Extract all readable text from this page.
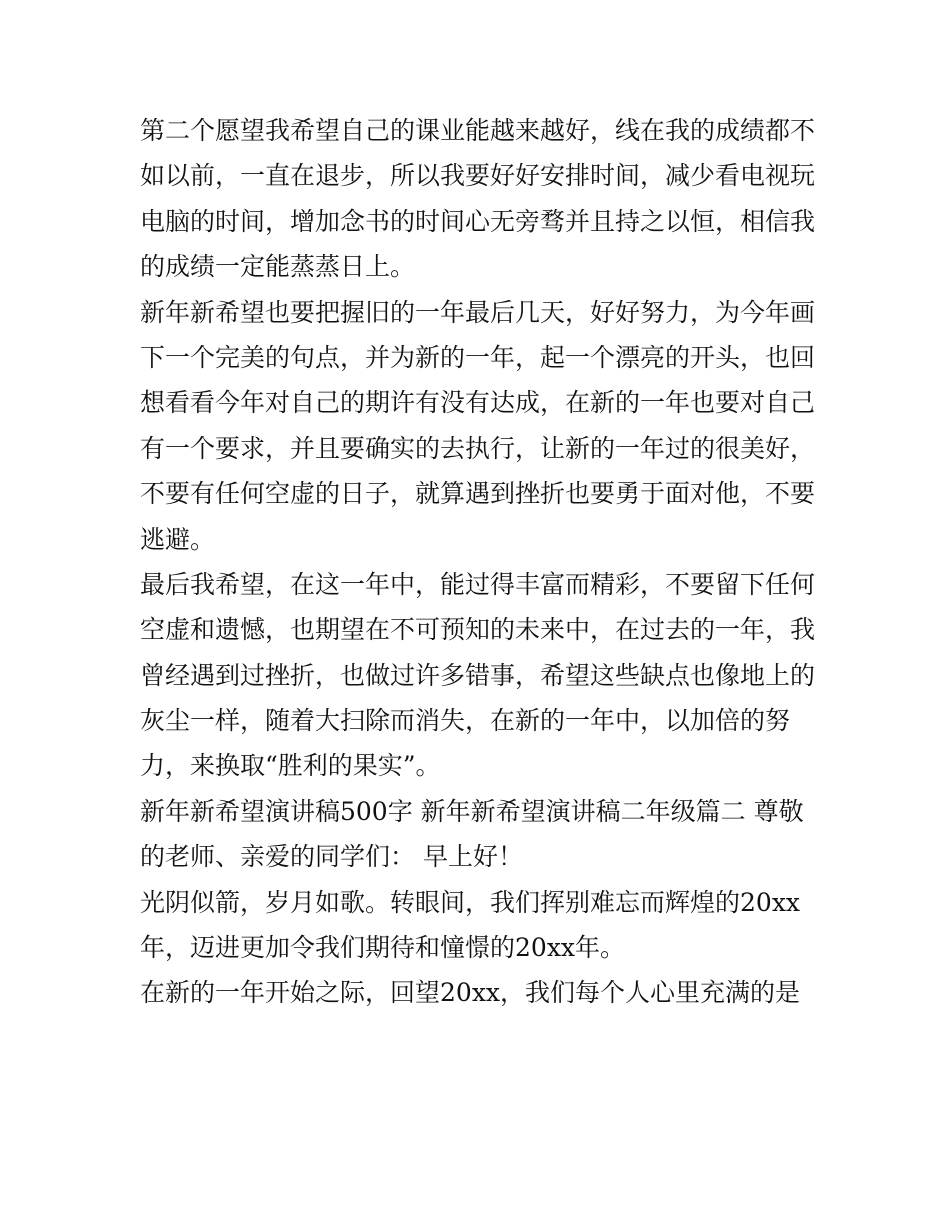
第二个愿望我希望自己的课业能越来越好，线在我的成绩都不
如以前，一直在退步，所以我要好好安排时间，减少看电视玩
电脑的时间，增加念书的时间心无旁骛并且持之以恒，相信我
的成绩一定能蒸蒸日上。
新年新希望也要把握旧的一年最后几天，好好努力，为今年画
下一个完美的句点，并为新的一年，起一个漂亮的开头，也回
想看看今年对自己的期许有没有达成，在新的一年也要对自己
有一个要求，并且要确实的去执行，让新的一年过的很美好，
不要有任何空虚的日子，就算遇到挫折也要勇于面对他，不要
逃避。
最后我希望，在这一年中，能过得丰富而精彩，不要留下任何
空虚和遗憾，也期望在不可预知的未来中，在过去的一年，我
曾经遇到过挫折，也做过许多错事，希望这些缺点也像地上的
灰尘一样，随着大扫除而消失，在新的一年中，以加倍的努
力，来换取“胜利的果实”。
新年新希望演讲稿500字 新年新希望演讲稿二年级篇二 尊敬
的老师、亲爱的同学们： 早上好！
光阴似箭，岁月如歌。转眼间，我们挥别难忘而辉煌的20xx
年，迈进更加令我们期待和憧憬的20xx年。
在新的一年开始之际，回望20xx，我们每个人心里充满的是
